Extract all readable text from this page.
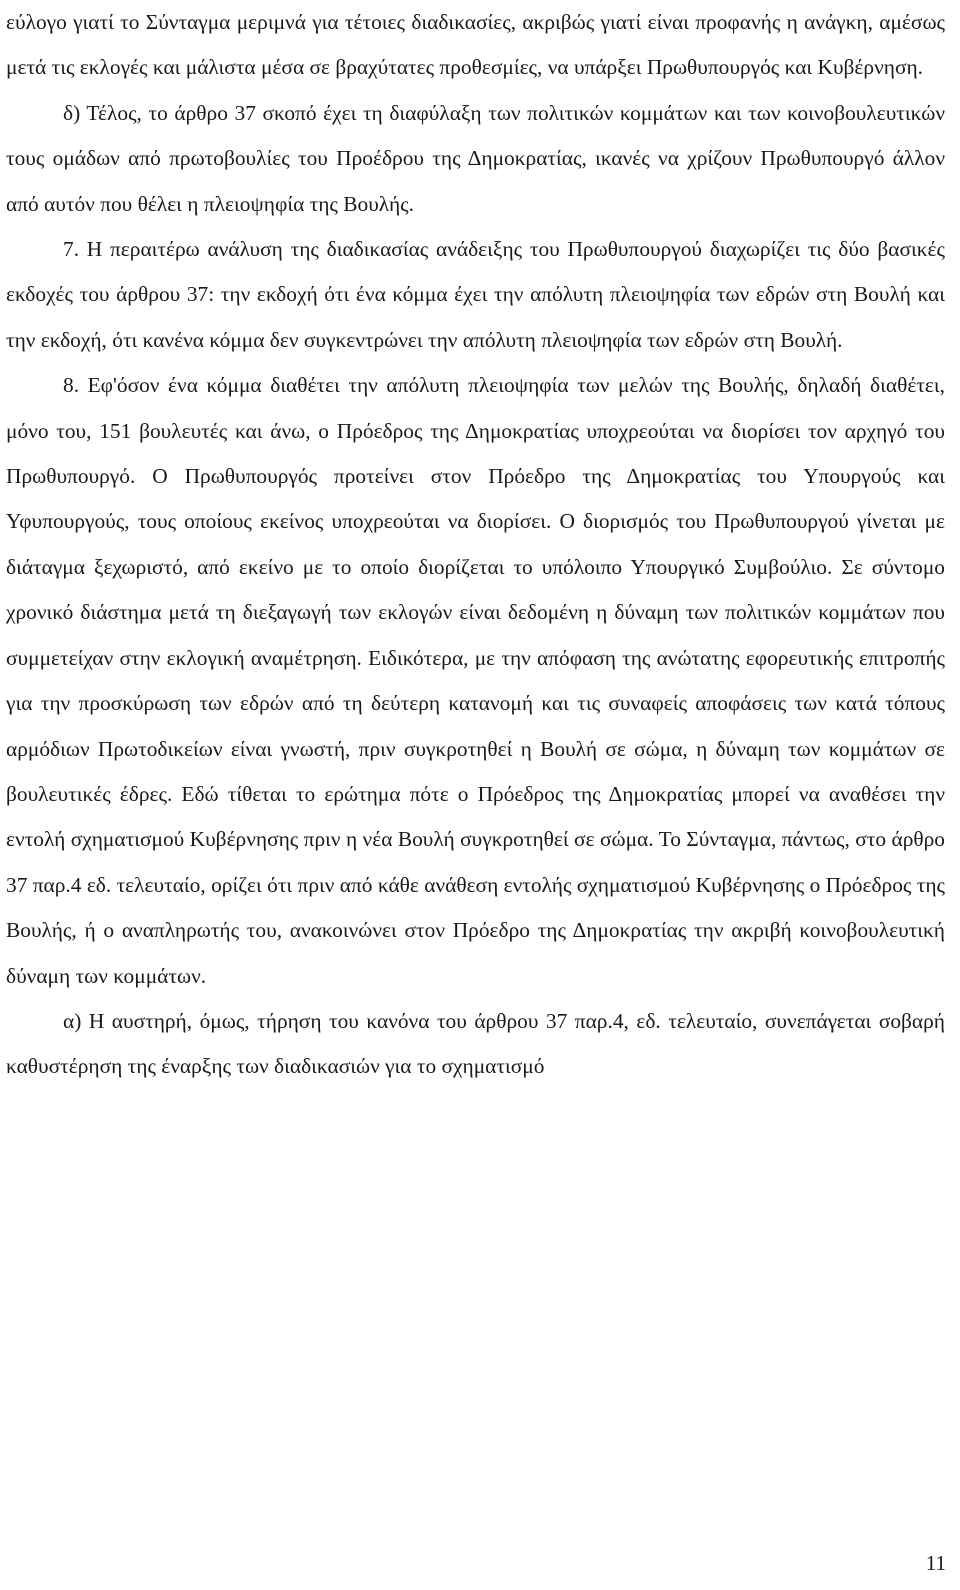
εύλογο γιατί το Σύνταγμα μεριμνά για τέτοιες διαδικασίες, ακριβώς γιατί είναι προφανής η ανάγκη, αμέσως μετά τις εκλογές και μάλιστα μέσα σε βραχύτατες προθεσμίες, να υπάρξει Πρωθυπουργός και Κυβέρνηση.

δ) Τέλος, το άρθρο 37 σκοπό έχει τη διαφύλαξη των πολιτικών κομμάτων και των κοινοβουλευτικών τους ομάδων από πρωτοβουλίες του Προέδρου της Δημοκρατίας, ικανές να χρίζουν Πρωθυπουργό άλλον από αυτόν που θέλει η πλειοψηφία της Βουλής.

7. Η περαιτέρω ανάλυση της διαδικασίας ανάδειξης του Πρωθυπουργού διαχωρίζει τις δύο βασικές εκδοχές του άρθρου 37: την εκδοχή ότι ένα κόμμα έχει την απόλυτη πλειοψηφία των εδρών στη Βουλή και την εκδοχή, ότι κανένα κόμμα δεν συγκεντρώνει την απόλυτη πλειοψηφία των εδρών στη Βουλή.

8. Εφ'όσον ένα κόμμα διαθέτει την απόλυτη πλειοψηφία των μελών της Βουλής, δηλαδή διαθέτει, μόνο του, 151 βουλευτές και άνω, ο Πρόεδρος της Δημοκρατίας υποχρεούται να διορίσει τον αρχηγό του Πρωθυπουργό. Ο Πρωθυπουργός προτείνει στον Πρόεδρο της Δημοκρατίας του Υπουργούς και Υφυπουργούς, τους οποίους εκείνος υποχρεούται να διορίσει. Ο διορισμός του Πρωθυπουργού γίνεται με διάταγμα ξεχωριστό, από εκείνο με το οποίο διορίζεται το υπόλοιπο Υπουργικό Συμβούλιο. Σε σύντομο χρονικό διάστημα μετά τη διεξαγωγή των εκλογών είναι δεδομένη η δύναμη των πολιτικών κομμάτων που συμμετείχαν στην εκλογική αναμέτρηση. Ειδικότερα, με την απόφαση της ανώτατης εφορευτικής επιτροπής για την προσκύρωση των εδρών από τη δεύτερη κατανομή και τις συναφείς αποφάσεις των κατά τόπους αρμόδιων Πρωτοδικείων είναι γνωστή, πριν συγκροτηθεί η Βουλή σε σώμα, η δύναμη των κομμάτων σε βουλευτικές έδρες. Εδώ τίθεται το ερώτημα πότε ο Πρόεδρος της Δημοκρατίας μπορεί να αναθέσει την εντολή σχηματισμού Κυβέρνησης πριν η νέα Βουλή συγκροτηθεί σε σώμα. Το Σύνταγμα, πάντως, στο άρθρο 37 παρ.4 εδ. τελευταίο, ορίζει ότι πριν από κάθε ανάθεση εντολής σχηματισμού Κυβέρνησης ο Πρόεδρος της Βουλής, ή ο αναπληρωτής του, ανακοινώνει στον Πρόεδρο της Δημοκρατίας την ακριβή κοινοβουλευτική δύναμη των κομμάτων.

α) Η αυστηρή, όμως, τήρηση του κανόνα του άρθρου 37 παρ.4, εδ. τελευταίο, συνεπάγεται σοβαρή καθυστέρηση της έναρξης των διαδικασιών για το σχηματισμό

11
